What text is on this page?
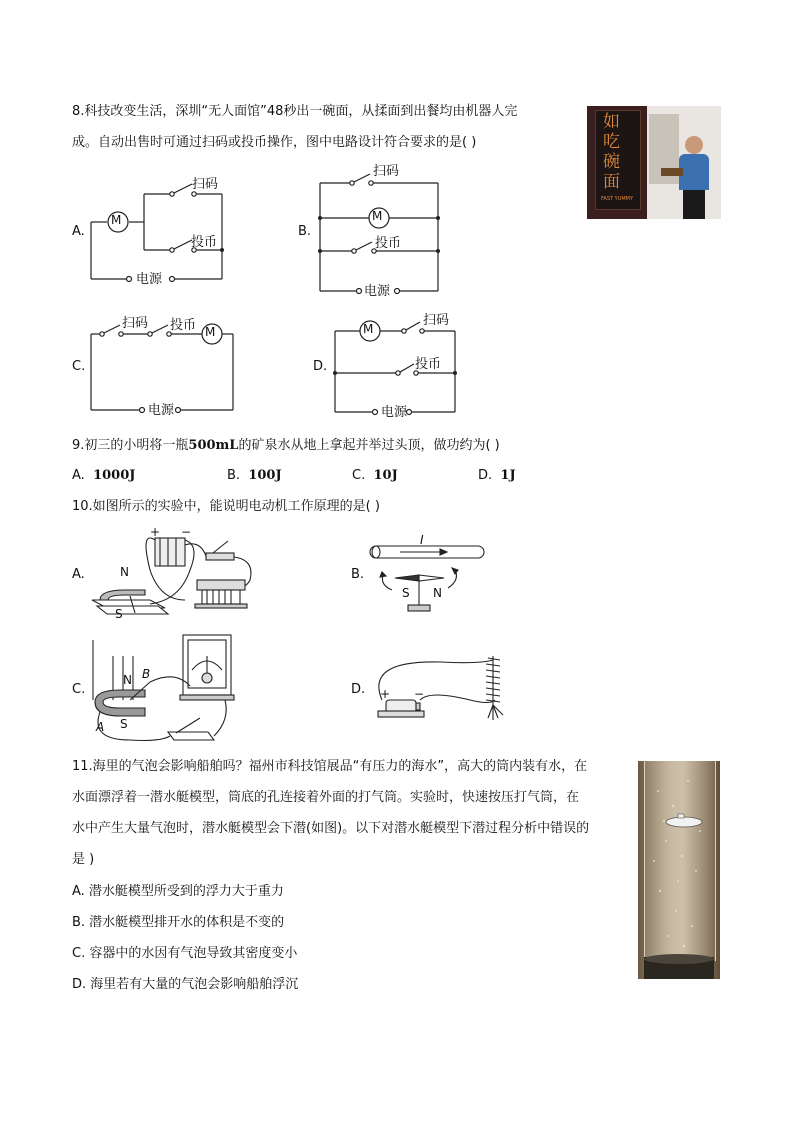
8.科技改变生活，深圳“无人面馆”48秒出一碗面，从揉面到出餐均由机器人完
成。自动出售时可通过扫码或投币操作，图中电路设计符合要求的是( )
如吃碗面
FAST YUMMY
A.	B.
C.	D.
M
扫码
投币
电源
M
扫码
投币
电源
M
扫码 投币
电源
M
扫码
投币
电源
9.初三的小明将一瓶500mL的矿泉水从地上拿起并举过头顶，做功约为( )
A. 1000J	B. 100J	C. 10J	D. 1J
10.如图所示的实验中，能说明电动机工作原理的是( )
A.	B.
C.	D.
N
S
+ −
I
S N
N
S
B
A
+ −
11.海里的气泡会影响船舶吗？福州市科技馆展品“有压力的海水”，高大的筒内装有水，在
水面漂浮着一潜水艇模型，筒底的孔连接着外面的打气筒。实验时，快速按压打气筒，在
水中产生大量气泡时，潜水艇模型会下潜(如图)。以下对潜水艇模型下潜过程分析中错误的
是 )
A. 潜水艇模型所受到的浮力大于重力
B. 潜水艇模型排开水的体积是不变的
C. 容器中的水因有气泡导致其密度变小
D. 海里若有大量的气泡会影响船舶浮沉
